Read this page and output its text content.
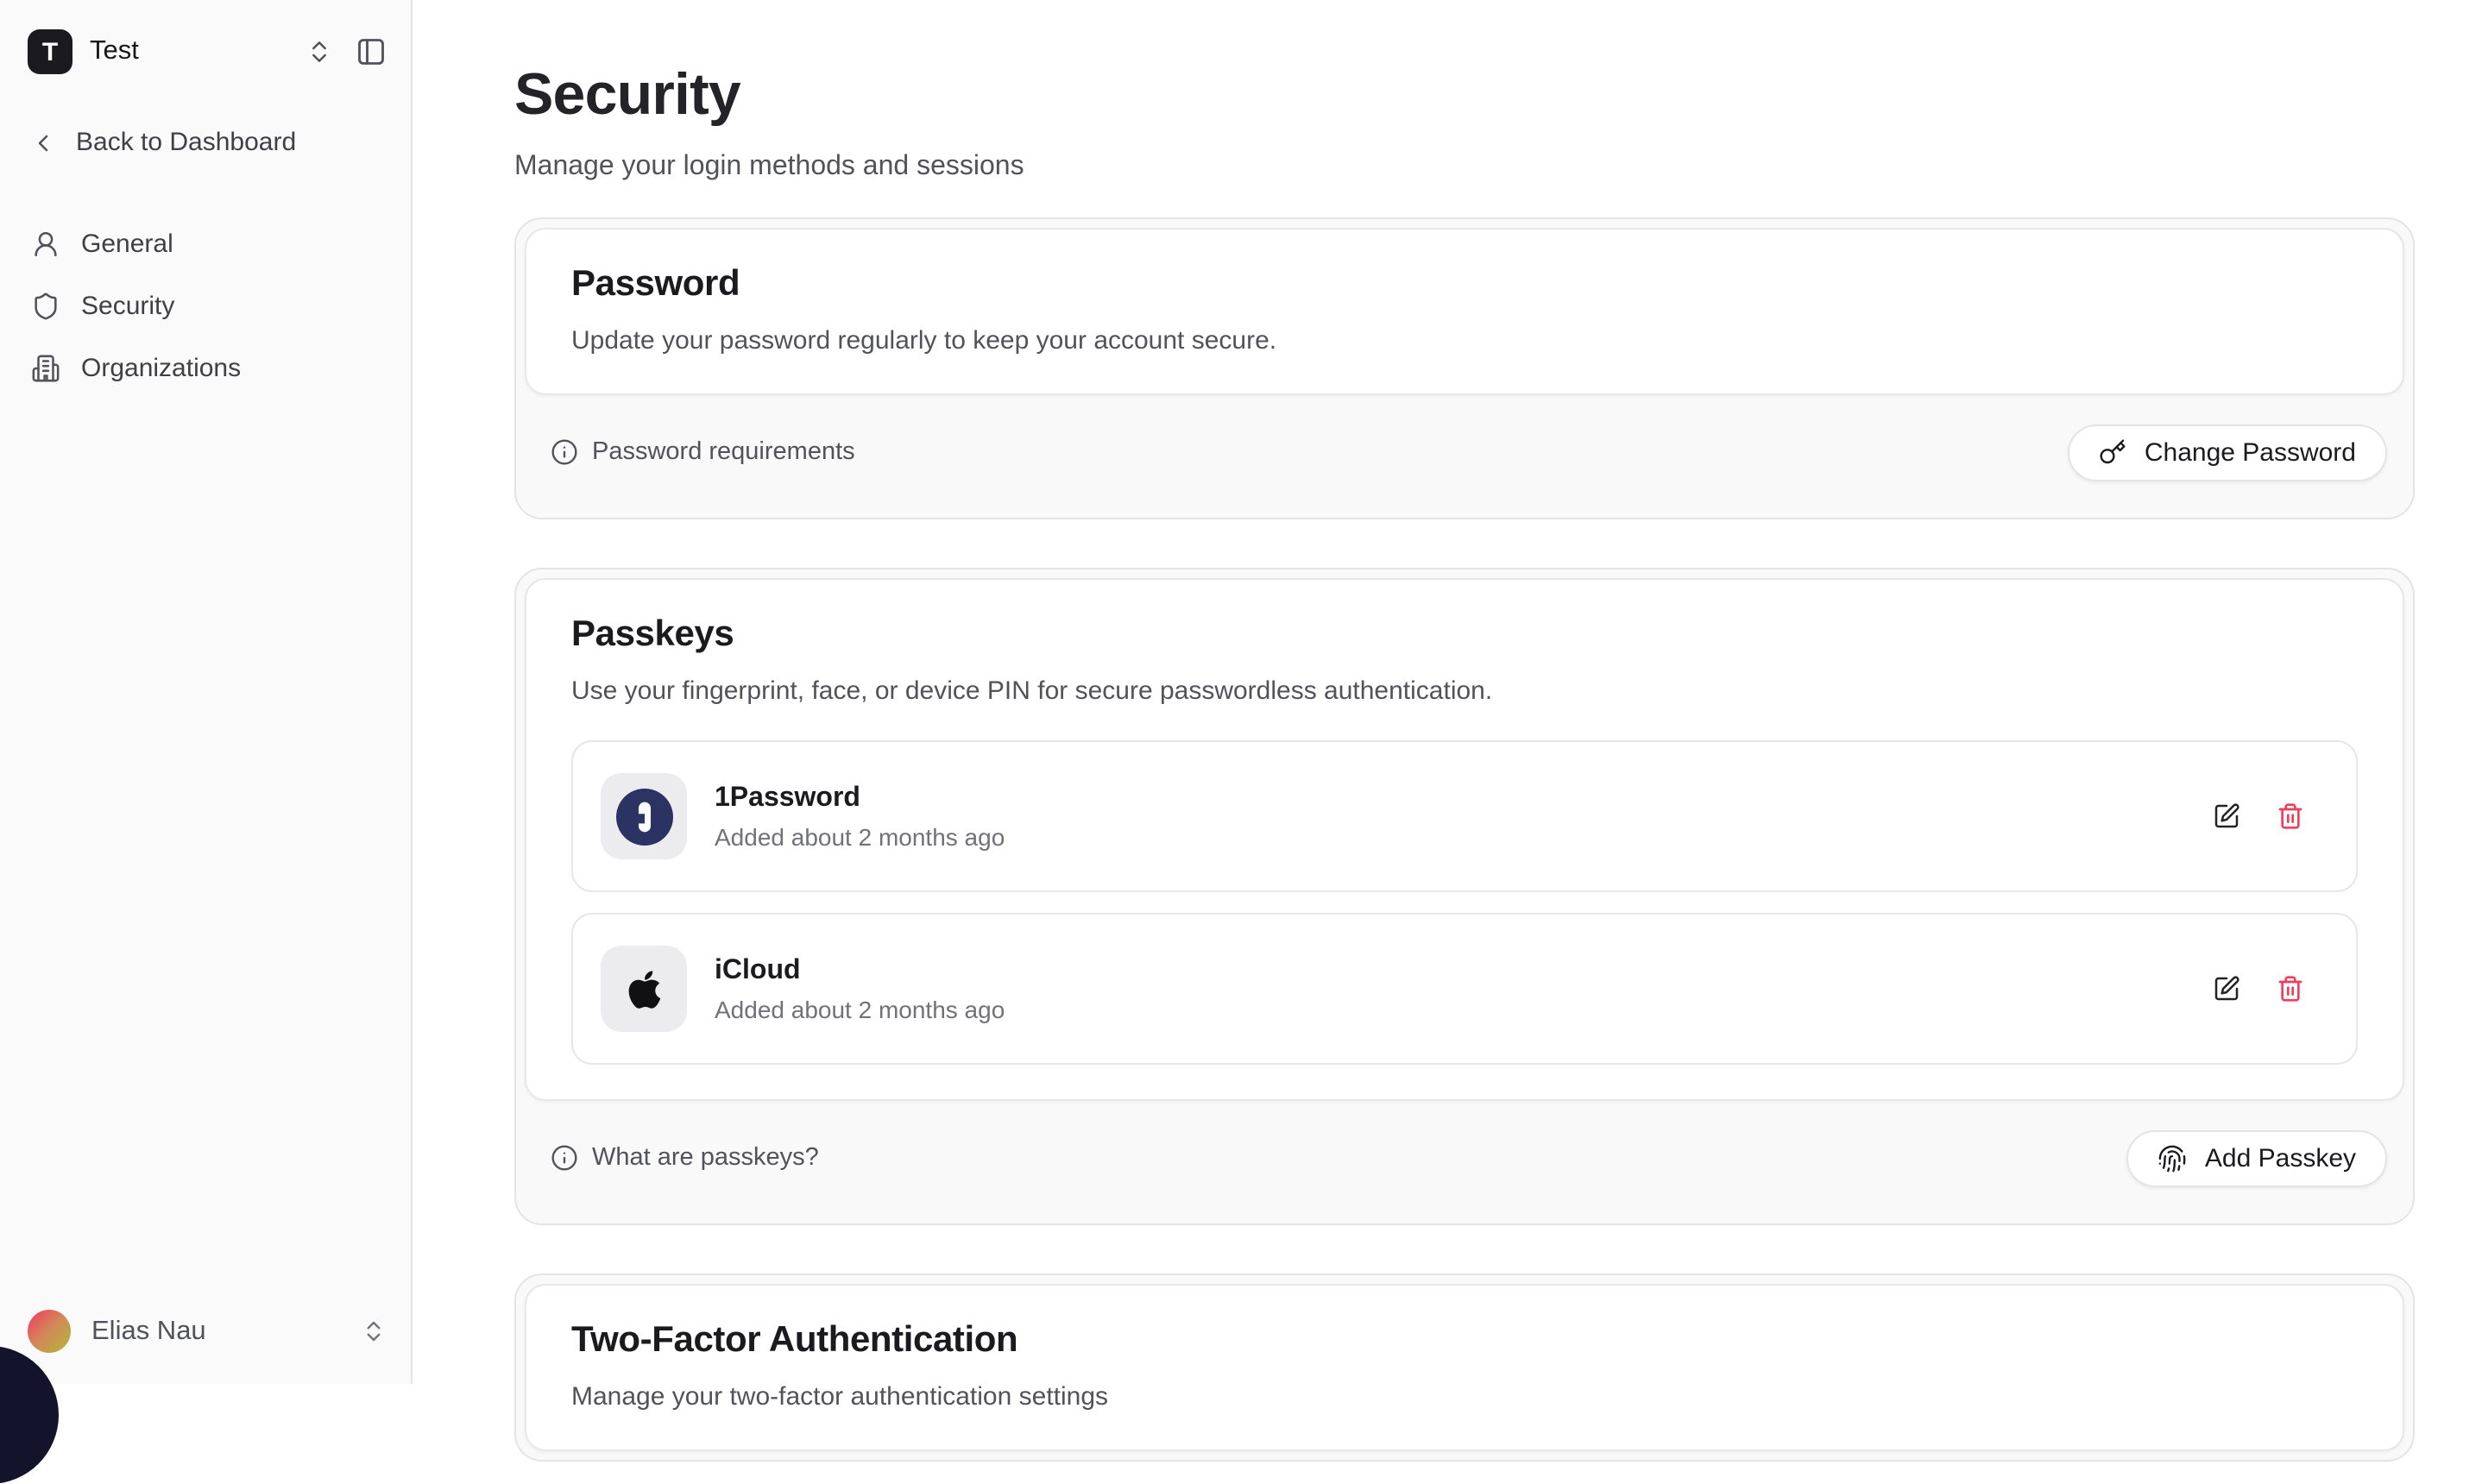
T	Test
Back to Dashboard
General
Security
Organizations
Elias Nau
Security

Manage your login methods and sessions

Password
Update your password regularly to keep your account secure.
Password requirements	Change Password
Passkeys
Use your fingerprint, face, or device PIN for secure passwordless authentication.
1Password
Added about 2 months ago
iCloud
Added about 2 months ago
What are passkeys?	Add Passkey
Two-Factor Authentication
Manage your two-factor authentication settings
